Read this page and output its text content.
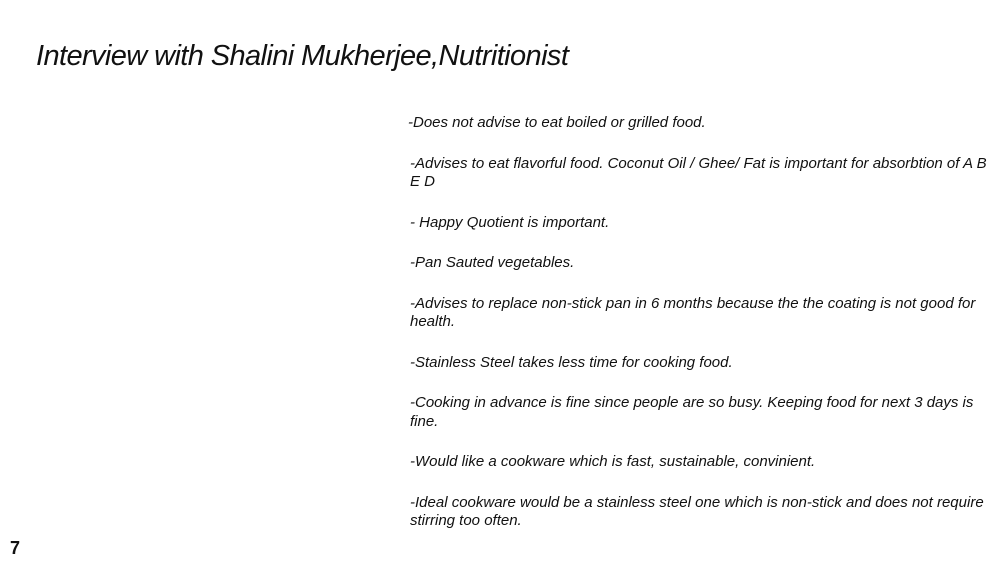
Interview with Shalini Mukherjee,Nutritionist
-Does not advise to eat boiled or grilled food.
-Advises to eat flavorful food. Coconut Oil / Ghee/ Fat is important for absorbtion of A B E D
- Happy Quotient is important.
-Pan Sauted vegetables.
-Advises to replace non-stick pan in 6 months because the the coating is not good for health.
-Stainless Steel takes less time for cooking food.
-Cooking in advance is fine since people are so busy. Keeping food for next 3 days is fine.
-Would like a cookware which is fast, sustainable, convinient.
-Ideal cookware would be a stainless steel one which is non-stick and does not require stirring too often.
7
